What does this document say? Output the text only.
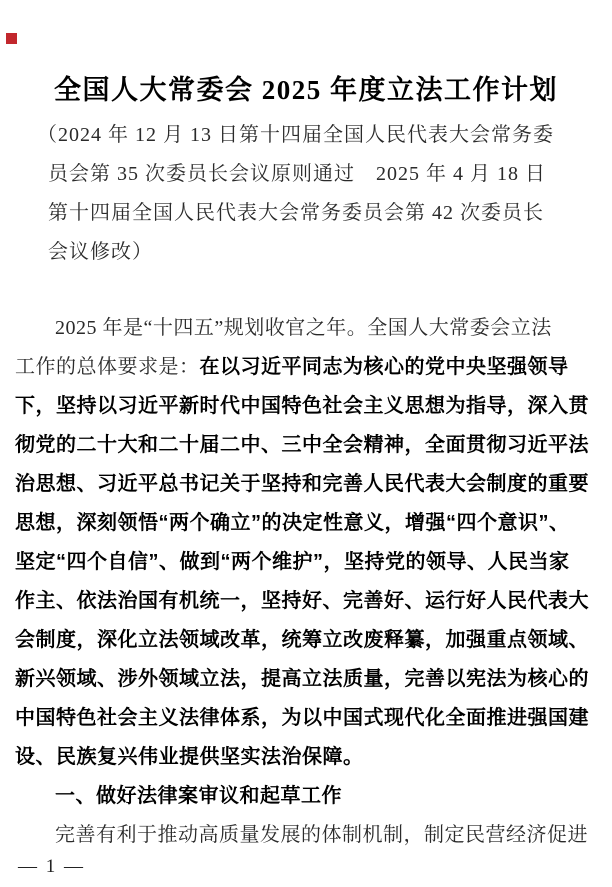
全国人大常委会 2025 年度立法工作计划
（2024 年 12 月 13 日第十四届全国人民代表大会常务委
员会第 35 次委员长会议原则通过　2025 年 4 月 18 日
第十四届全国人民代表大会常务委员会第 42 次委员长
会议修改）
2025 年是“十四五”规划收官之年。全国人大常委会立法
工作的总体要求是：在以习近平同志为核心的党中央坚强领导
下，坚持以习近平新时代中国特色社会主义思想为指导，深入贯
彻党的二十大和二十届二中、三中全会精神，全面贯彻习近平法
治思想、习近平总书记关于坚持和完善人民代表大会制度的重要
思想，深刻领悟“两个确立”的决定性意义，增强“四个意识”、
坚定“四个自信”、做到“两个维护”，坚持党的领导、人民当家
作主、依法治国有机统一，坚持好、完善好、运行好人民代表大
会制度，深化立法领域改革，统筹立改废释纂，加强重点领域、
新兴领域、涉外领域立法，提高立法质量，完善以宪法为核心的
中国特色社会主义法律体系，为以中国式现代化全面推进强国建
设、民族复兴伟业提供坚实法治保障。
一、做好法律案审议和起草工作
完善有利于推动高质量发展的体制机制，制定民营经济促进
— 1 —
